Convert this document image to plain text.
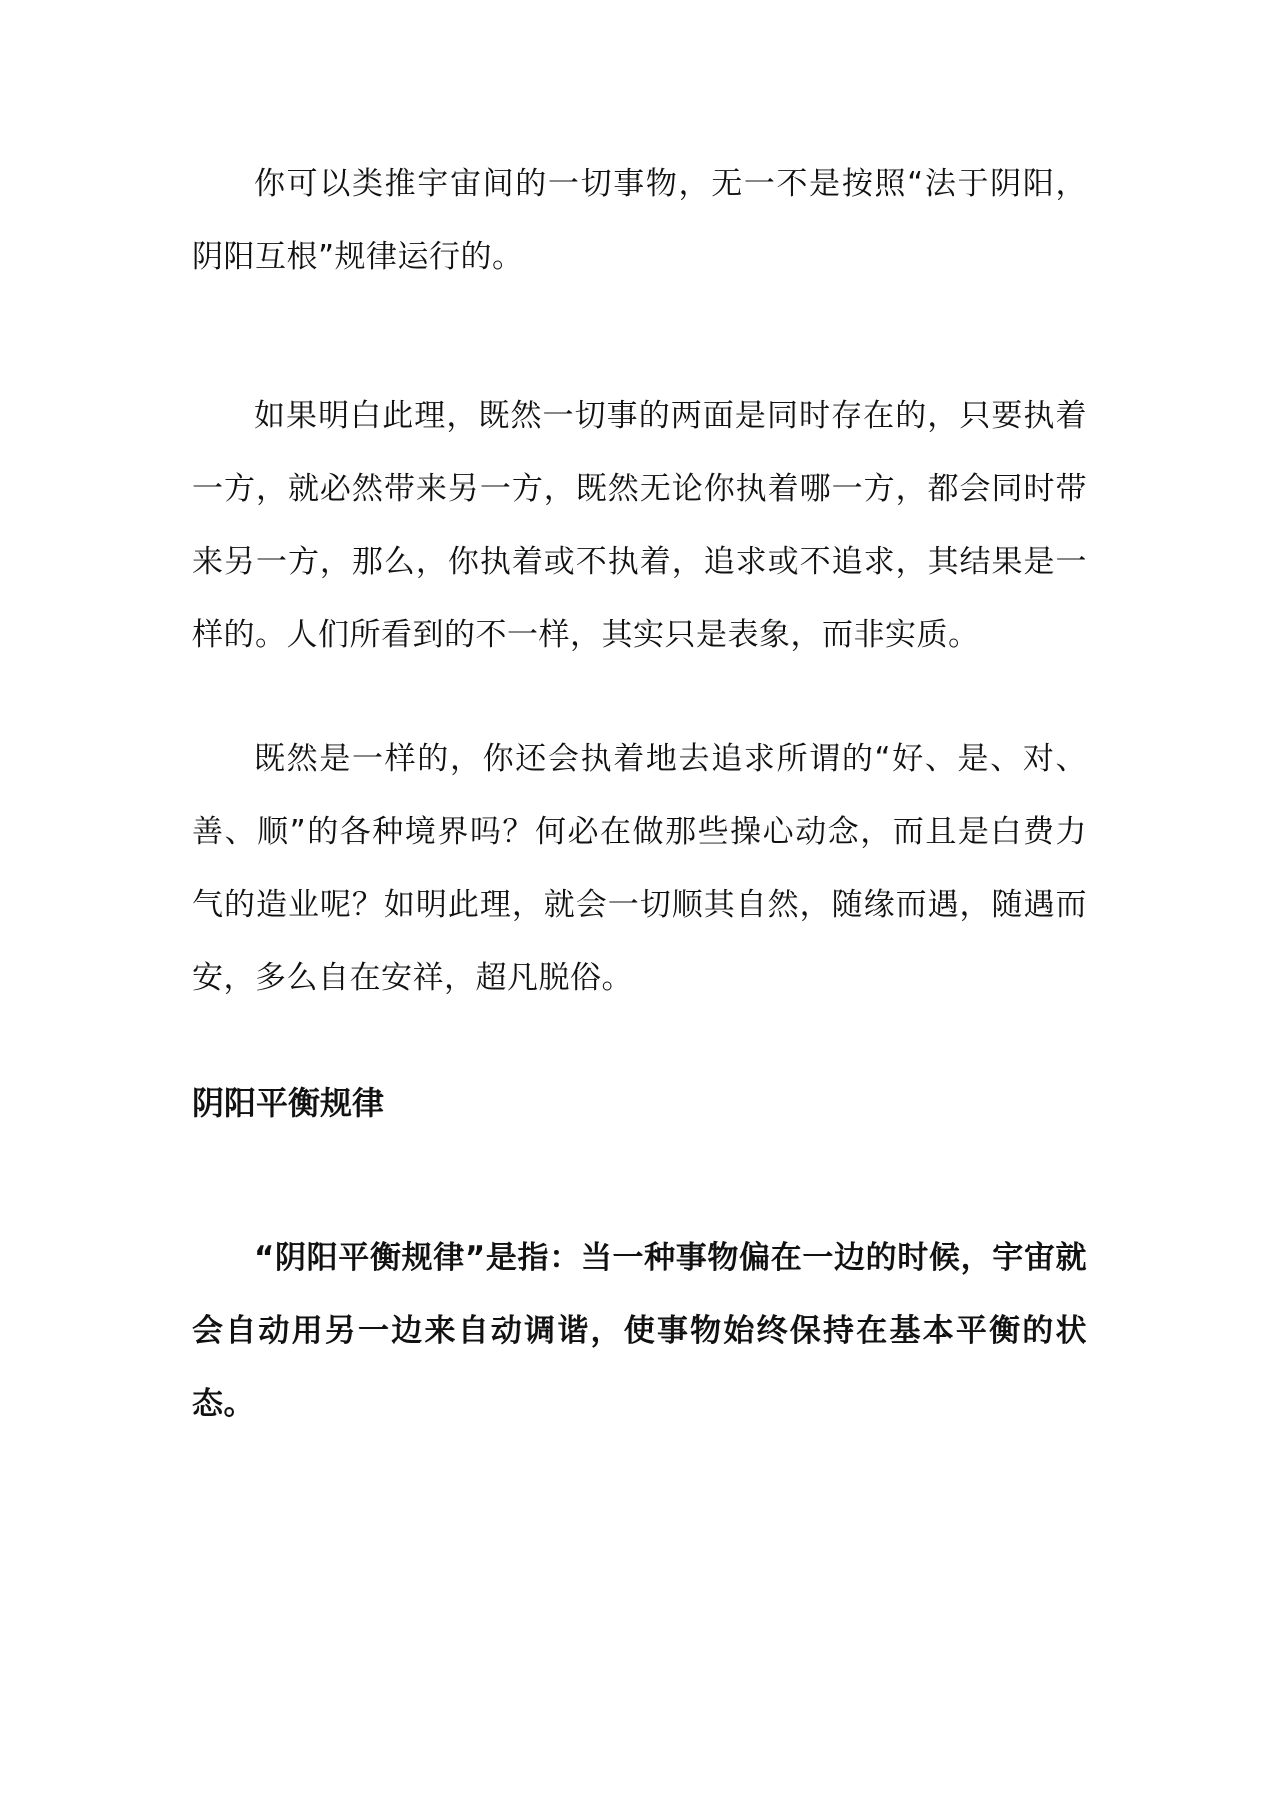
你可以类推宇宙间的一切事物，无一不是按照“法于阴阳，阴阳互根”规律运行的。

如果明白此理，既然一切事的两面是同时存在的，只要执着一方，就必然带来另一方，既然无论你执着哪一方，都会同时带来另一方，那么，你执着或不执着，追求或不追求，其结果是一样的。人们所看到的不一样，其实只是表象，而非实质。

既然是一样的，你还会执着地去追求所谓的“好、是、对、善、顺”的各种境界吗？何必在做那些操心动念，而且是白费力气的造业呢？如明此理，就会一切顺其自然，随缘而遇，随遇而安，多么自在安祥，超凡脱俗。

阴阳平衡规律

“阴阳平衡规律”是指：当一种事物偏在一边的时候，宇宙就会自动用另一边来自动调谐，使事物始终保持在基本平衡的状态。
